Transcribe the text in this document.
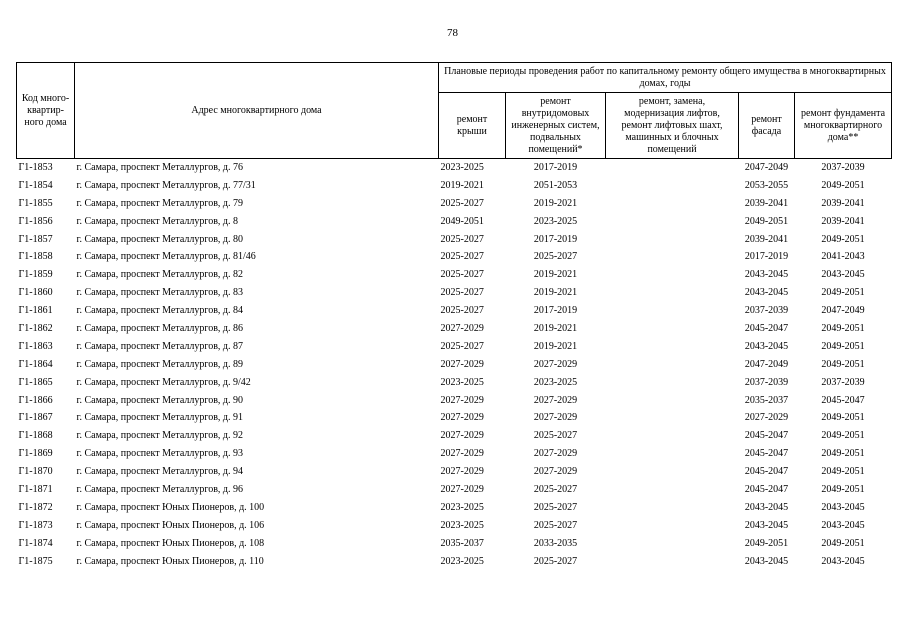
78
Код много-квартир-ного дома	Адрес многоквартирного дома	Плановые периоды проведения работ по капитальному ремонту общего имущества в многоквартирных домах, годы				
		ремонт крыши	ремонт внутридомовых инженерных систем, подвальных помещений*	ремонт, замена, модернизация лифтов, ремонт лифтовых шахт, машинных и блочных помещений	ремонт фасада	ремонт фундамента многоквартирного дома**
Г1-1853	г. Самара, проспект Металлургов, д. 76	2023-2025	2017-2019		2047-2049	2037-2039
Г1-1854	г. Самара, проспект Металлургов, д. 77/31	2019-2021	2051-2053		2053-2055	2049-2051
Г1-1855	г. Самара, проспект Металлургов, д. 79	2025-2027	2019-2021		2039-2041	2039-2041
Г1-1856	г. Самара, проспект Металлургов, д. 8	2049-2051	2023-2025		2049-2051	2039-2041
Г1-1857	г. Самара, проспект Металлургов, д. 80	2025-2027	2017-2019		2039-2041	2049-2051
Г1-1858	г. Самара, проспект Металлургов, д. 81/46	2025-2027	2025-2027		2017-2019	2041-2043
Г1-1859	г. Самара, проспект Металлургов, д. 82	2025-2027	2019-2021		2043-2045	2043-2045
Г1-1860	г. Самара, проспект Металлургов, д. 83	2025-2027	2019-2021		2043-2045	2049-2051
Г1-1861	г. Самара, проспект Металлургов, д. 84	2025-2027	2017-2019		2037-2039	2047-2049
Г1-1862	г. Самара, проспект Металлургов, д. 86	2027-2029	2019-2021		2045-2047	2049-2051
Г1-1863	г. Самара, проспект Металлургов, д. 87	2025-2027	2019-2021		2043-2045	2049-2051
Г1-1864	г. Самара, проспект Металлургов, д. 89	2027-2029	2027-2029		2047-2049	2049-2051
Г1-1865	г. Самара, проспект Металлургов, д. 9/42	2023-2025	2023-2025		2037-2039	2037-2039
Г1-1866	г. Самара, проспект Металлургов, д. 90	2027-2029	2027-2029		2035-2037	2045-2047
Г1-1867	г. Самара, проспект Металлургов, д. 91	2027-2029	2027-2029		2027-2029	2049-2051
Г1-1868	г. Самара, проспект Металлургов, д. 92	2027-2029	2025-2027		2045-2047	2049-2051
Г1-1869	г. Самара, проспект Металлургов, д. 93	2027-2029	2027-2029		2045-2047	2049-2051
Г1-1870	г. Самара, проспект Металлургов, д. 94	2027-2029	2027-2029		2045-2047	2049-2051
Г1-1871	г. Самара, проспект Металлургов, д. 96	2027-2029	2025-2027		2045-2047	2049-2051
Г1-1872	г. Самара, проспект Юных Пионеров, д. 100	2023-2025	2025-2027		2043-2045	2043-2045
Г1-1873	г. Самара, проспект Юных Пионеров, д. 106	2023-2025	2025-2027		2043-2045	2043-2045
Г1-1874	г. Самара, проспект Юных Пионеров, д. 108	2035-2037	2033-2035		2049-2051	2049-2051
Г1-1875	г. Самара, проспект Юных Пионеров, д. 110	2023-2025	2025-2027		2043-2045	2043-2045
